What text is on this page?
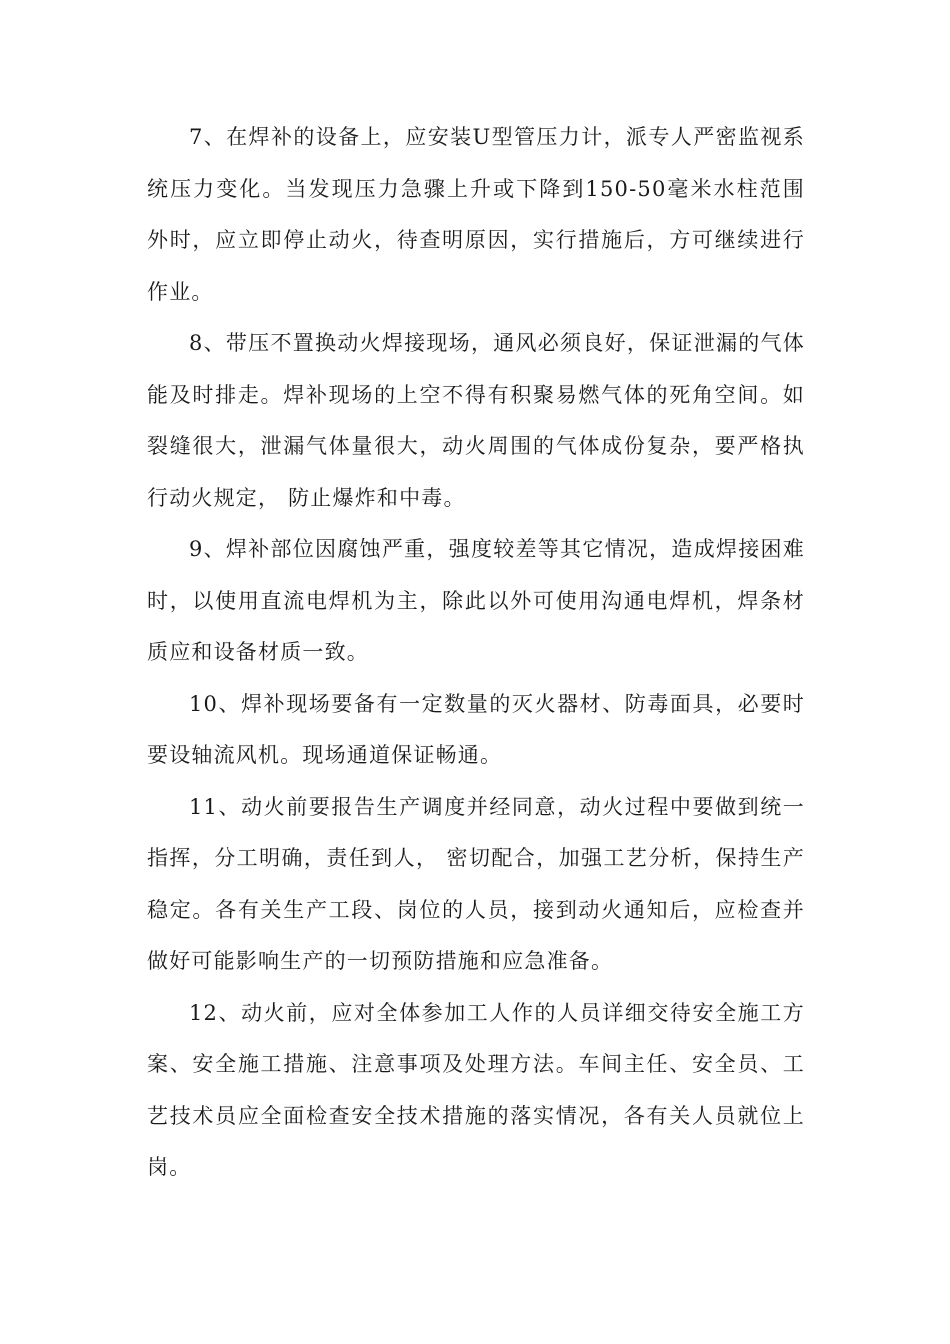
7、在焊补的设备上，应安装U型管压力计，派专人严密监视系统压力变化。当发现压力急骤上升或下降到150-50毫米水柱范围外时，应立即停止动火，待查明原因，实行措施后，方可继续进行作业。

8、带压不置换动火焊接现场，通风必须良好，保证泄漏的气体能及时排走。焊补现场的上空不得有积聚易燃气体的死角空间。如裂缝很大，泄漏气体量很大，动火周围的气体成份复杂，要严格执行动火规定， 防止爆炸和中毒。

9、焊补部位因腐蚀严重，强度较差等其它情况，造成焊接困难时，以使用直流电焊机为主，除此以外可使用沟通电焊机，焊条材质应和设备材质一致。

10、焊补现场要备有一定数量的灭火器材、防毒面具，必要时要设轴流风机。现场通道保证畅通。

11、动火前要报告生产调度并经同意，动火过程中要做到统一指挥，分工明确，责任到人， 密切配合，加强工艺分析，保持生产稳定。各有关生产工段、岗位的人员，接到动火通知后，应检查并做好可能影响生产的一切预防措施和应急准备。

12、动火前，应对全体参加工人作的人员详细交待安全施工方案、安全施工措施、注意事项及处理方法。车间主任、安全员、工艺技术员应全面检查安全技术措施的落实情况，各有关人员就位上岗。
